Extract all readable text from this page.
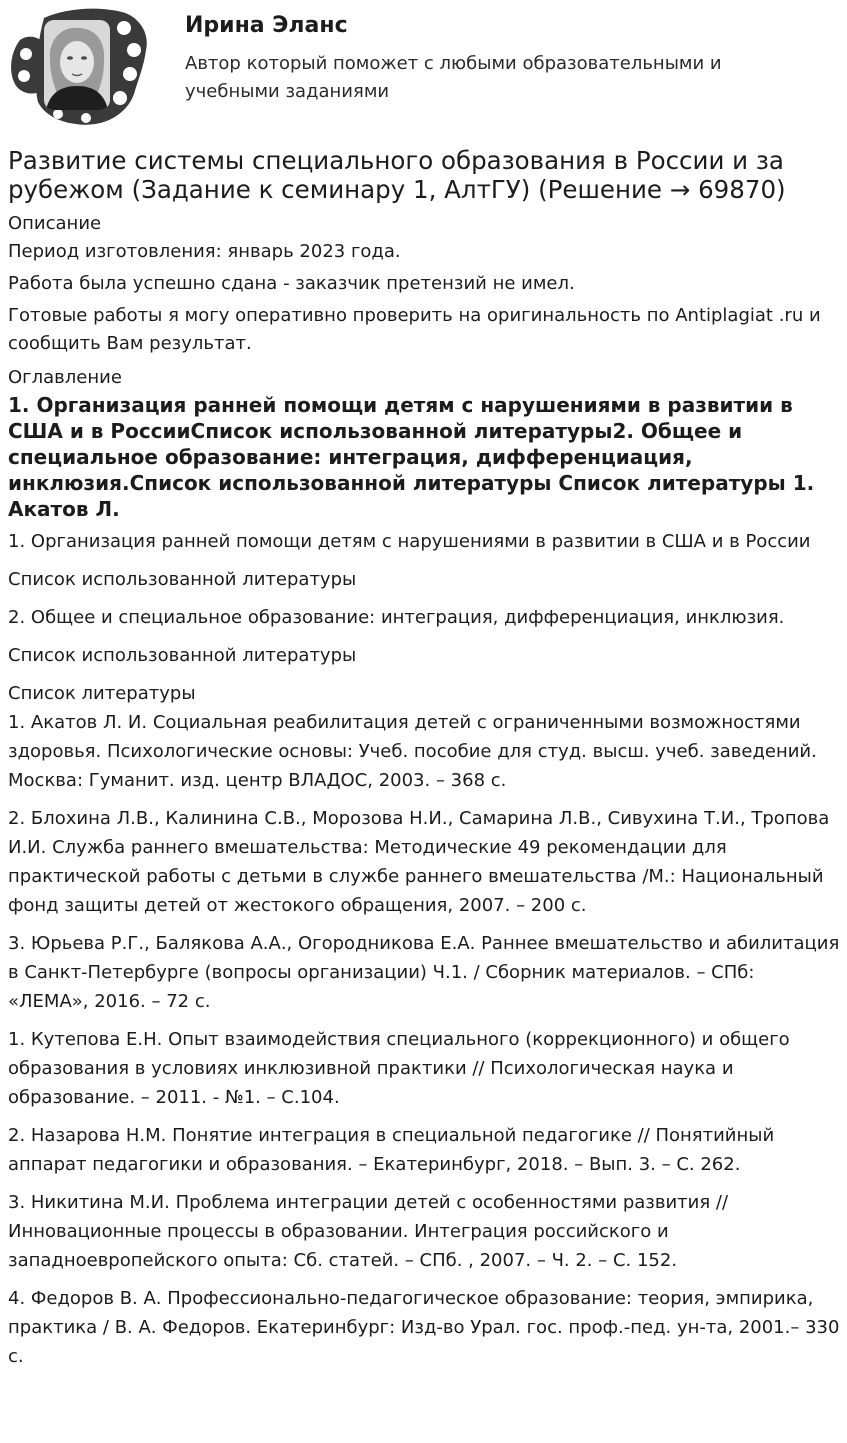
Ирина Эланс
Автор который поможет с любыми образовательными и учебными заданиями
Развитие системы специального образования в России и за рубежом (Задание к семинару 1, АлтГУ) (Решение → 69870)
Описание

Период изготовления: январь 2023 года.

Работа была успешно сдана - заказчик претензий не имел.

Готовые работы я могу оперативно проверить на оригинальность по Antiplagiat .ru и сообщить Вам результат.

Оглавление

1. Организация ранней помощи детям с нарушениями в развитии в США и в РоссииСписок использованной литературы2. Общее и специальное образование: интеграция, дифференциация, инклюзия.Список использованной литературы Список литературы 1. Акатов Л.

1. Организация ранней помощи детям с нарушениями в развитии в США и в России

Список использованной литературы

2. Общее и специальное образование: интеграция, дифференциация, инклюзия.

Список использованной литературы

Список литературы

1. Акатов Л. И. Социальная реабилитация детей с ограниченными возможностями здоровья. Психологические основы: Учеб. пособие для студ. высш. учеб. заведений. Москва: Гуманит. изд. центр ВЛАДОС, 2003. – 368 с.

2. Блохина Л.В., Калинина С.В., Морозова Н.И., Самарина Л.В., Сивухина Т.И., Тропова И.И. Служба раннего вмешательства: Методические 49 рекомендации для практической работы с детьми в службе раннего вмешательства /М.: Национальный фонд защиты детей от жестокого обращения, 2007. – 200 с.

3. Юрьева Р.Г., Балякова А.А., Огородникова Е.А. Раннее вмешательство и абилитация в Санкт-Петербурге (вопросы организации) Ч.1. / Сборник материалов. – СПб: «ЛЕМА», 2016. – 72 с.

1. Кутепова Е.Н. Опыт взаимодействия специального (коррекционного) и общего образования в условиях инклюзивной практики // Психологическая наука и образование. – 2011. - №1. – С.104.

2. Назарова Н.М. Понятие интеграция в специальной педагогике // Понятийный аппарат педагогики и образования. – Екатеринбург, 2018. – Вып. 3. – С. 262.

3. Никитина М.И. Проблема интеграции детей с особенностями развития // Инновационные процессы в образовании. Интеграция российского и западноевропейского опыта: Сб. статей. – СПб. , 2007. – Ч. 2. – С. 152.

4. Федоров В. А. Профессионально-педагогическое образование: теория, эмпирика, практика / В. А. Федоров. Екатеринбург: Изд-во Урал. гос. проф.-пед. ун-та, 2001.– 330 с.
